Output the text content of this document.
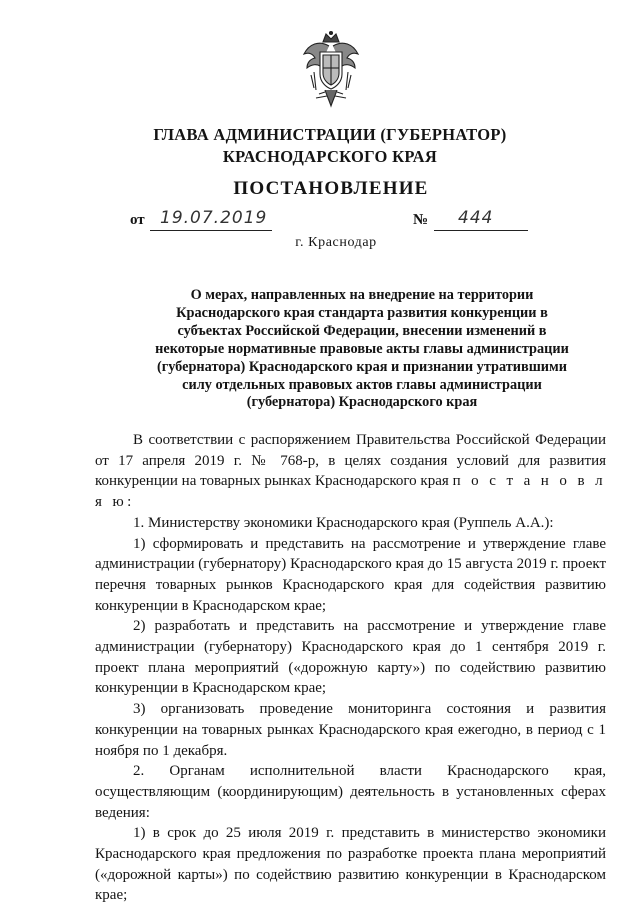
ГЛАВА АДМИНИСТРАЦИИ (ГУБЕРНАТОР)
КРАСНОДАРСКОГО КРАЯ
ПОСТАНОВЛЕНИЕ
от 19.07.2019	№ 444
г. Краснодар
О мерах, направленных на внедрение на территории
Краснодарского края стандарта развития конкуренции в
субъектах Российской Федерации, внесении изменений в
некоторые нормативные правовые акты главы администрации
(губернатора) Краснодарского края и признании утратившими
силу отдельных правовых актов главы администрации
(губернатора) Краснодарского края

В соответствии с распоряжением Правительства Российской Федерации от 17 апреля 2019 г. № 768-р, в целях создания условий для развития конкуренции на товарных рынках Краснодарского края п о с т а н о в л я ю:

1. Министерству экономики Краснодарского края (Руппель А.А.):

1) сформировать и представить на рассмотрение и утверждение главе администрации (губернатору) Краснодарского края до 15 августа 2019 г. проект перечня товарных рынков Краснодарского края для содействия развитию конкуренции в Краснодарском крае;

2) разработать и представить на рассмотрение и утверждение главе администрации (губернатору) Краснодарского края до 1 сентября 2019 г. проект плана мероприятий («дорожную карту») по содействию развитию конкуренции в Краснодарском крае;

3) организовать проведение мониторинга состояния и развития конкуренции на товарных рынках Краснодарского края ежегодно, в период с 1 ноября по 1 декабря.

2. Органам исполнительной власти Краснодарского края, осуществляющим (координирующим) деятельность в установленных сферах ведения:

1) в срок до 25 июля 2019 г. представить в министерство экономики Краснодарского края предложения по разработке проекта плана мероприятий («дорожной карты») по содействию развитию конкуренции в Краснодарском крае;
